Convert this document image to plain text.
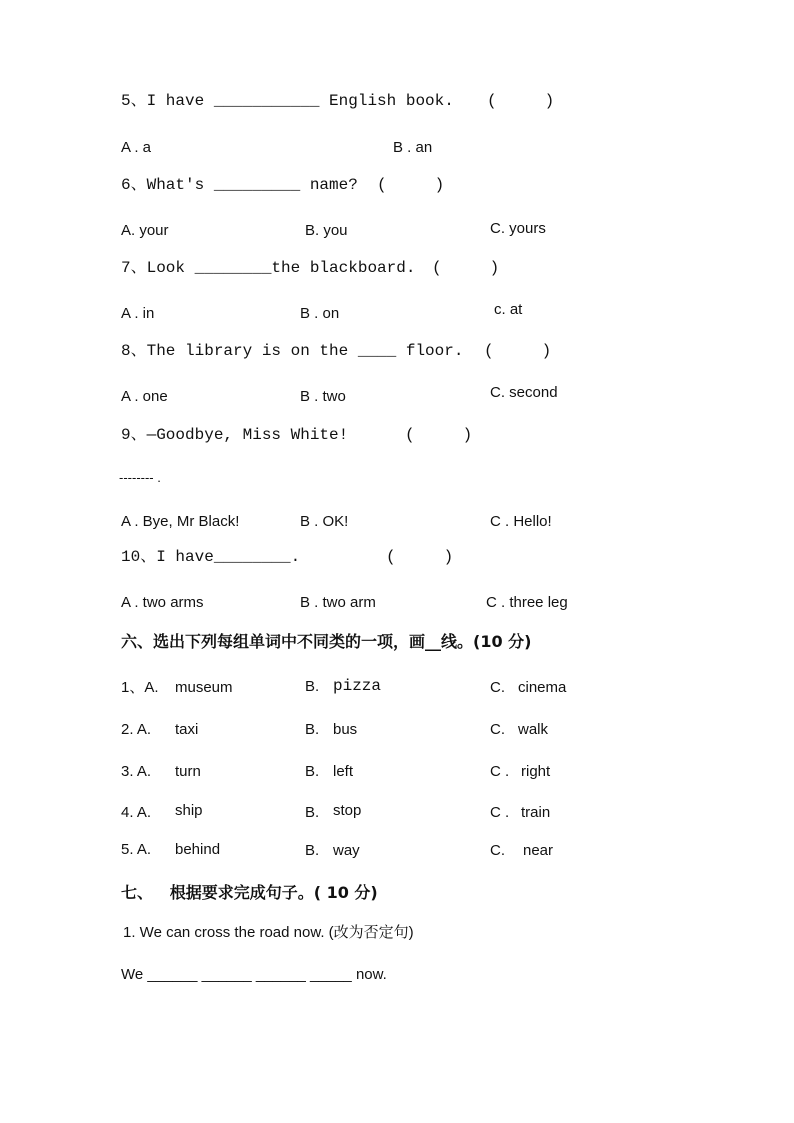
5、I have ___________ English book. (     )
A . a	B . an
6、What's _________ name? (     )
A. your	B. you	C. yours
7、Look ________the blackboard. (     )
A . in	B . on	c. at
8、The library is on the ____ floor. (     )
A . one	B . two	C. second
9、—Goodbye, Miss White!	(     )
-------- .
A . Bye, Mr Black!	B . OK!	C . Hello!
10、I have________.	(     )
A . two arms	B . two arm	C . three leg
六、选出下列每组单词中不同类的一项，画__线。(10 分)
1、A. museum	B. pizza	C. cinema
2. A. taxi	B. bus	C. walk
3. A. turn	B. left	C . right
4. A. ship	B. stop	C . train
5. A. behind	B. way	C. near
七、   根据要求完成句子。( 10 分)
1. We can cross the road now. (改为否定句)
We ______ ______ ______ _____ now.
